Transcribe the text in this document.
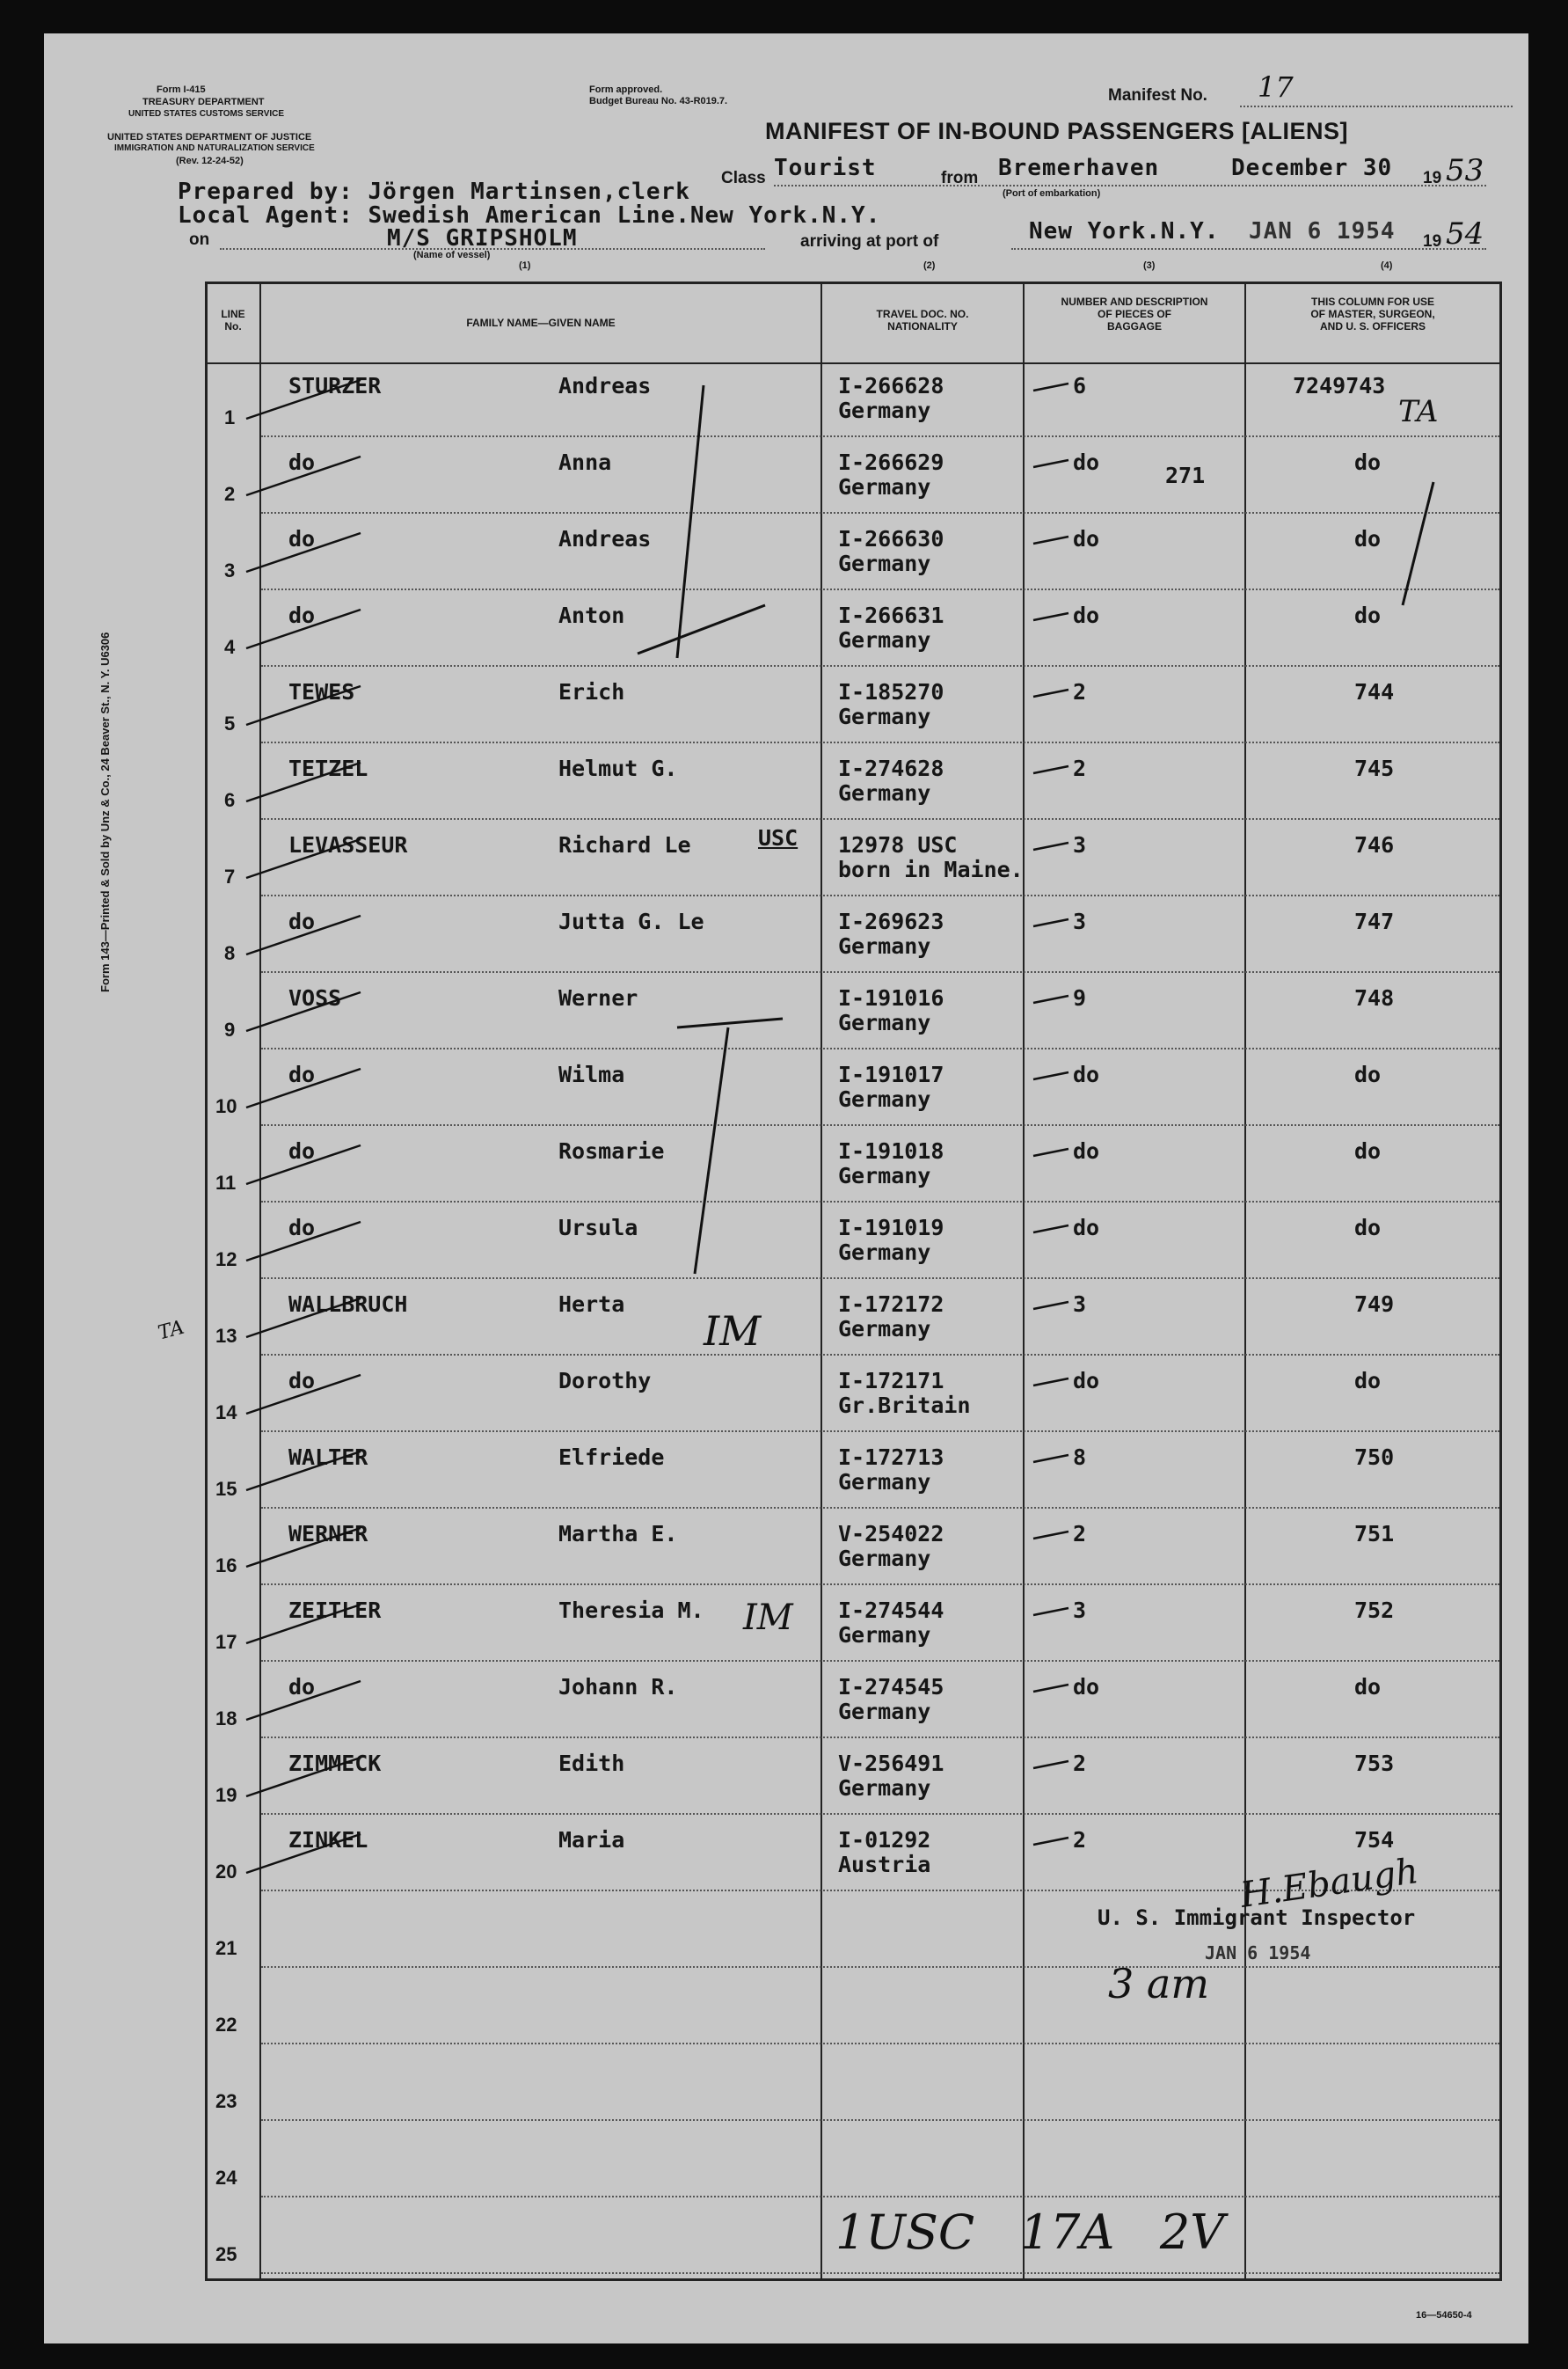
Form I-415
TREASURY DEPARTMENT
UNITED STATES CUSTOMS SERVICE
UNITED STATES DEPARTMENT OF JUSTICE
IMMIGRATION AND NATURALIZATION SERVICE
(Rev. 12-24-52)
Form approved.
Budget Bureau No. 43-R019.7.	Manifest No. 17
MANIFEST OF IN-BOUND PASSENGERS [ALIENS]
Class Tourist	from Bremerhaven
(Port of embarkation)
December 30 19 53
Prepared by: Jörgen Martinsen,clerk
Local Agent: Swedish American Line.New York.N.Y.
on	M/S GRIPSHOLM
(Name of vessel)
arriving at port of	New York.N.Y. JAN 6 1954 19 54
(1)	(2)	(3)	(4)
Form 143—Printed & Sold by Unz & Co., 24 Beaver St., N. Y. U6306
LINE
No.	FAMILY NAME—GIVEN NAME
TRAVEL DOC. NO.
NATIONALITY
NUMBER AND DESCRIPTION
OF PIECES OF
BAGGAGE
THIS COLUMN FOR USE
OF MASTER, SURGEON,
AND U. S. OFFICERS
1
STURZER	Andreas	I-266628
Germany
6	7249743
2
do	Anna	I-266629
Germany
do	do
3
do	Andreas	I-266630
Germany
do	do
4
do	Anton	I-266631
Germany
do	do
5
TEWES	Erich	I-185270
Germany
2	744
6
TETZEL	Helmut G.	I-274628
Germany
2	745
7
LEVASSEUR	Richard Le	12978 USC
born in Maine.
3	746
8
do	Jutta G. Le	I-269623
Germany
3	747
9
VOSS	Werner	I-191016
Germany
9	748
10
do	Wilma	I-191017
Germany
do	do
11
do	Rosmarie	I-191018
Germany
do	do
12
do	Ursula	I-191019
Germany
do	do
13
WALLBRUCH	Herta	I-172172
Germany
3	749
14
do	Dorothy	I-172171
Gr.Britain
do	do
15
WALTER	Elfriede	I-172713
Germany
8	750
16
WERNER	Martha E.	V-254022
Germany
2	751
17
ZEITLER	Theresia M.	I-274544
Germany
3	752
18
do	Johann R.	I-274545
Germany
do	do
19
ZIMMECK	Edith	V-256491
Germany
2	753
20
ZINKEL	Maria	I-01292
Austria
2	754
21
22
23
24
25
TA
271
USC
TA	IM
IM
H.Ebaugh
U. S. Immigrant Inspector
JAN 6 1954
3 am
1USC   17A   2V
16—54650-4
